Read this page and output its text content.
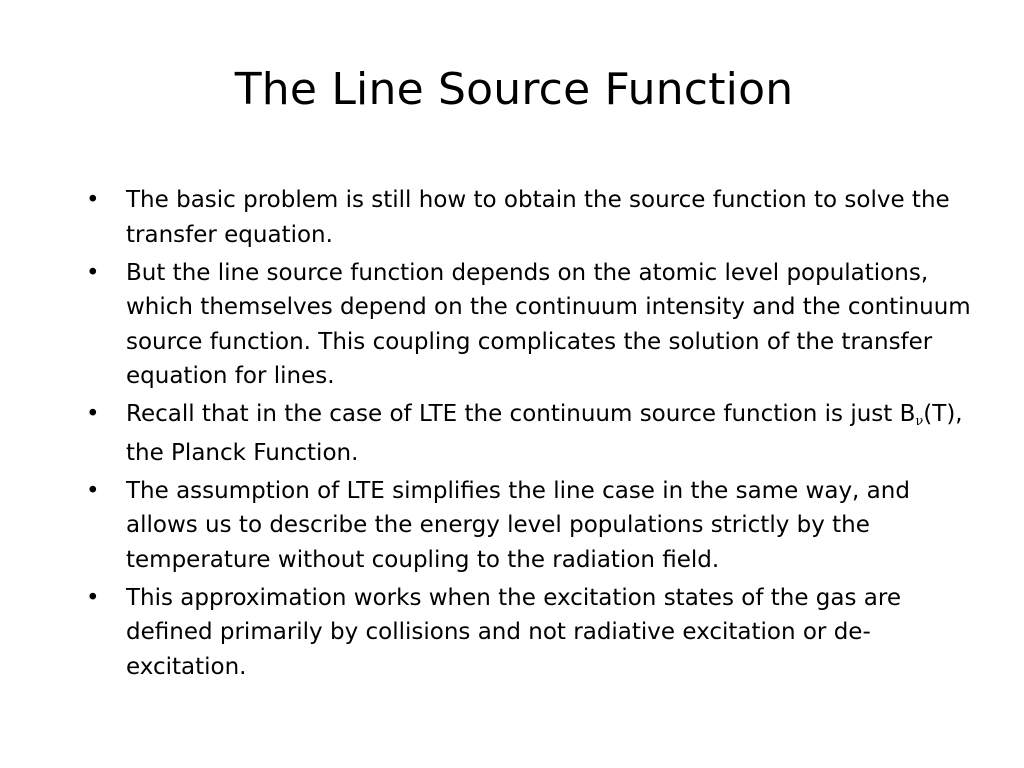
The Line Source Function
• The basic problem is still how to obtain the source function to solve the transfer equation.
• But the line source function depends on the atomic level populations, which themselves depend on the continuum intensity and the continuum source function. This coupling complicates the solution of the transfer equation for lines.
• Recall that in the case of LTE the continuum source function is just $B_\nu(T)$, the Planck Function.
• The assumption of LTE simplifies the line case in the same way, and allows us to describe the energy level populations strictly by the temperature without coupling to the radiation field.
• This approximation works when the excitation states of the gas are defined primarily by collisions and not radiative excitation or de-excitation.
